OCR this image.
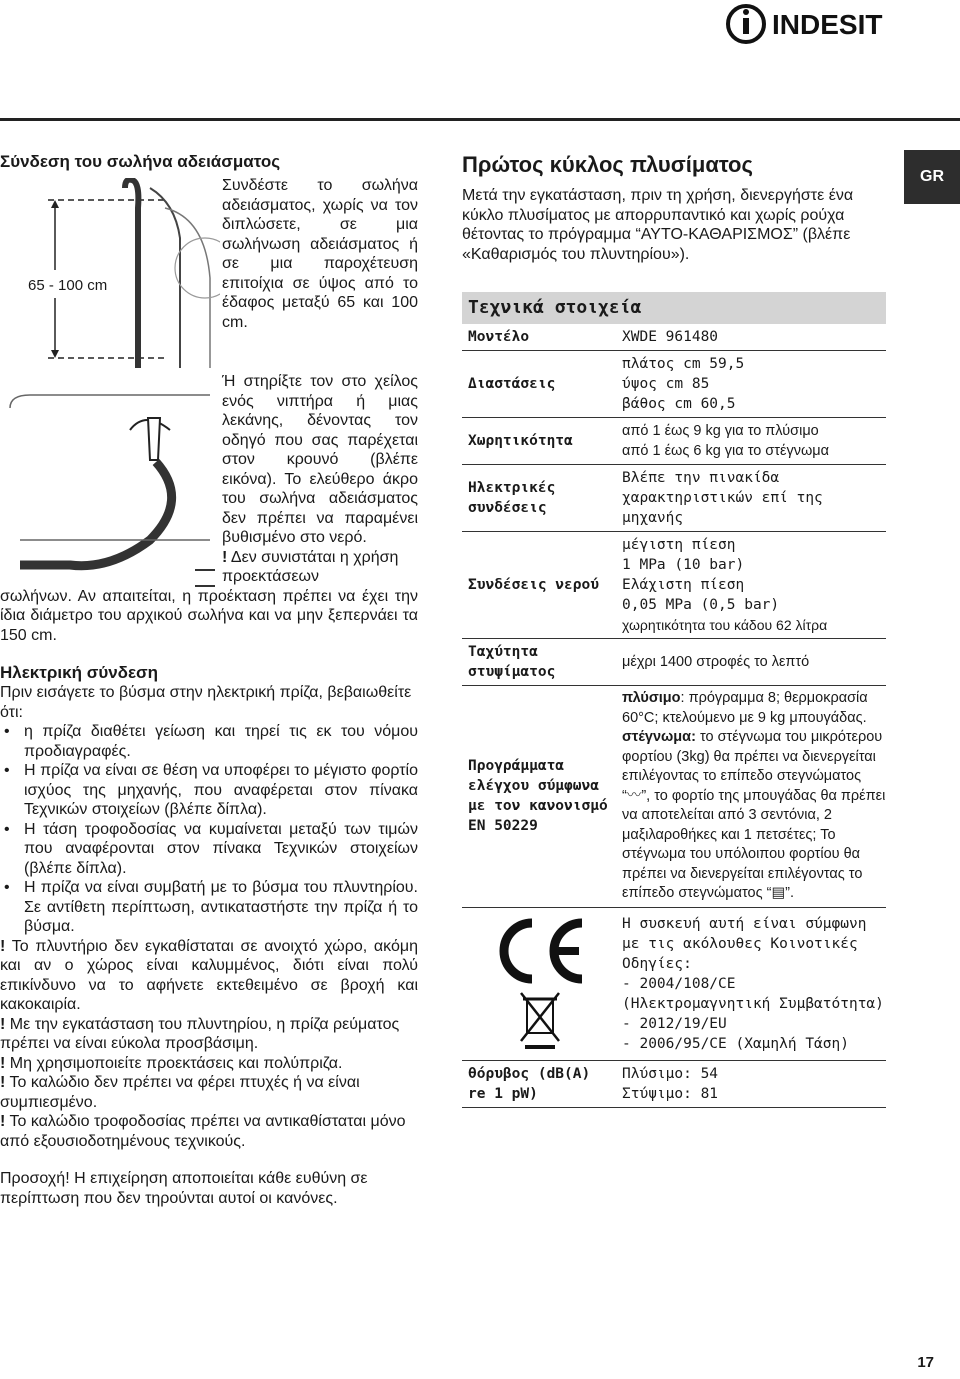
INDESIT
GR

Σύνδεση του σωλήνα αδειάσματος

65 - 100 cm

Συνδέστε το σωλήνα αδειάσματος, χωρίς να τον διπλώσετε, σε μια σωλήνωση αδειάσματος ή σε μια παροχέτευση επιτοίχια σε ύψος από το έδαφος μεταξύ 65 και 100 cm.

Ή στηρίξτε τον στο χείλος ενός νιπτήρα ή μιας λεκάνης, δένοντας τον οδηγό που σας παρέχεται στον κρουνό (βλέπε εικόνα). Το ελεύθερο άκρο του σωλήνα αδειάσματος δεν πρέπει να παραμένει βυθισμένο στο νερό.

! Δεν συνιστάται η χρήση προεκτάσεων

σωλήνων. Αν απαιτείται, η προέκταση πρέπει να έχει την ίδια διάμετρο του αρχικού σωλήνα και να μην ξεπερνάει τα 150 cm.

Ηλεκτρική σύνδεση

Πριν εισάγετε το βύσμα στην ηλεκτρική πρίζα, βεβαιωθείτε ότι:

• η πρίζα διαθέτει γείωση και τηρεί τις εκ του νόμου προδιαγραφές.

• Η πρίζα να είναι σε θέση να υποφέρει το μέγιστο φορτίο ισχύος της μηχανής, που αναφέρεται στον πίνακα Τεχνικών στοιχείων (βλέπε δίπλα).

• Η τάση τροφοδοσίας να κυμαίνεται μεταξύ των τιμών που αναφέρονται στον πίνακα Τεχνικών στοιχείων (βλέπε δίπλα).

• Η πρίζα να είναι συμβατή με το βύσμα του πλυντηρίου. Σε αντίθετη περίπτωση, αντικαταστήστε την πρίζα ή το βύσμα.

! Το πλυντήριο δεν εγκαθίσταται σε ανοιχτό χώρο, ακόμη και αν ο χώρος είναι καλυμμένος, διότι είναι πολύ επικίνδυνο να το αφήνετε εκτεθειμένο σε βροχή και κακοκαιρία.

! Με την εγκατάσταση του πλυντηρίου, η πρίζα ρεύματος πρέπει να είναι εύκολα προσβάσιμη.

! Μη χρησιμοποιείτε προεκτάσεις και πολύπριζα.

! Το καλώδιο δεν πρέπει να φέρει πτυχές ή να είναι συμπιεσμένο.

! Το καλώδιο τροφοδοσίας πρέπει να αντικαθίσταται μόνο από εξουσιοδοτημένους τεχνικούς.

Προσοχή! Η επιχείρηση αποποιείται κάθε ευθύνη σε περίπτωση που δεν τηρούνται αυτοί οι κανόνες.

Πρώτος κύκλος πλυσίματος

Μετά την εγκατάσταση, πριν τη χρήση, διενεργήστε ένα κύκλο πλυσίματος με απορρυπαντικό και χωρίς ρούχα θέτοντας το πρόγραμμα “ΑΥΤΟ-ΚΑΘΑΡΙΣΜΟΣ” (βλέπε «Καθαρισμός του πλυντηρίου»).

Τεχνικά στοιχεία
Μοντέλο	XWDE 961480
Διαστάσεις	πλάτος cm 59,5
ύψος cm 85
βάθος cm 60,5

Χωρητικότητα	από 1 έως 9 kg για το πλύσιμο
από 1 έως 6 kg για το στέγνωμα

Ηλεκτρικές συνδέσεις	Βλέπε την πινακίδα χαρακτηριστικών επί της μηχανής
Συνδέσεις νερού	μέγιστη πίεση
1 MPa (10 bar)
Ελάχιστη πίεση
0,05 MPa (0,5 bar)
χωρητικότητα του κάδου 62 λίτρα

Ταχύτητα στυψίματος	μέχρι 1400 στροφές το λεπτό
Προγράμματα ελέγχου σύμφωνα με τον κανονισμό EN 50229	πλύσιμο: πρόγραμμα 8; θερμοκρασία 60°C; κτελούμενο με 9 kg μπουγάδας.
στέγνωμα: το στέγνωμα του μικρότερου φορτίου (3kg) θα πρέπει να διενεργείται επιλέγοντας το επίπεδο στεγνώματος “〰”, το φορτίο της μπουγάδας θα πρέπει να αποτελείται από 3 σεντόνια, 2 μαξιλαροθήκες και 1 πετσέτες; Το στέγνωμα του υπόλοιπου φορτίου θα πρέπει να διενεργείται επιλέγοντας το επίπεδο στεγνώματος “▤”.

Η συσκευή αυτή είναι σύμφωνη με τις ακόλουθες Κοινοτικές Οδηγίες:
- 2004/108/CE (Ηλεκτρομαγνητική Συμβατότητα)
- 2012/19/EU
- 2006/95/CE (Χαμηλή Τάση)

θόρυβος (dB(A) re 1 pW)	Πλύσιμο: 54
Στύψιμο: 81
17
